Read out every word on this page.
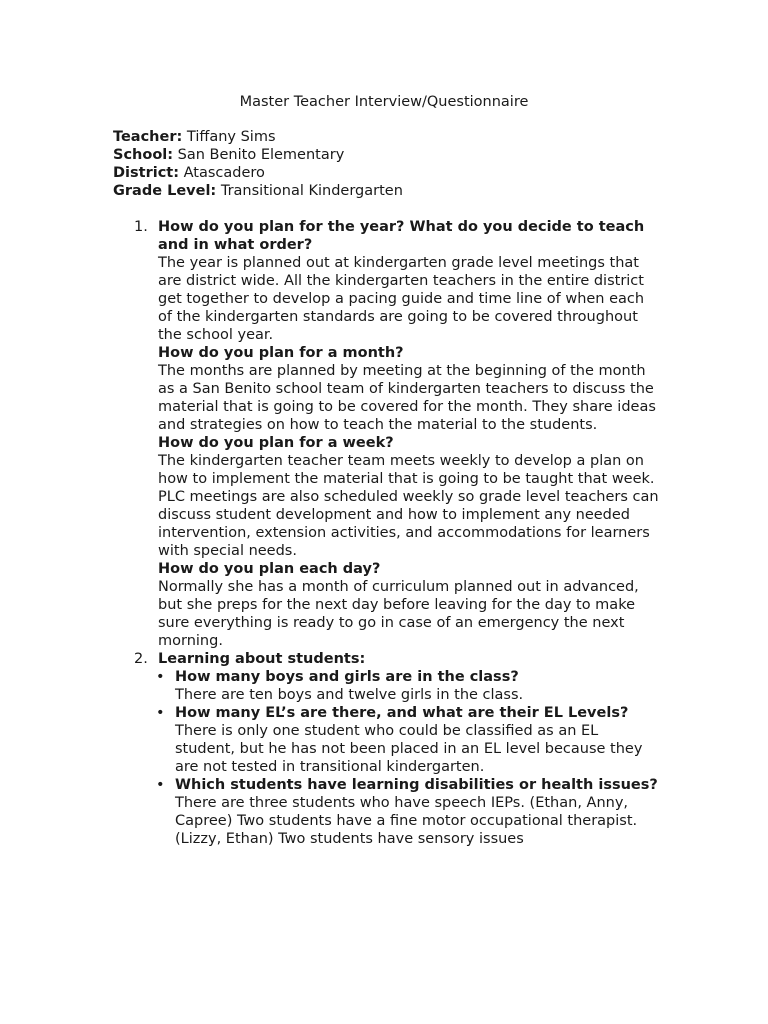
Master Teacher Interview/Questionnaire
Teacher: Tiffany Sims
School: San Benito Elementary
District: Atascadero
Grade Level: Transitional Kindergarten
1. How do you plan for the year? What do you decide to teach and in what order?
The year is planned out at kindergarten grade level meetings that are district wide. All the kindergarten teachers in the entire district get together to develop a pacing guide and time line of when each of the kindergarten standards are going to be covered throughout the school year.
How do you plan for a month?
The months are planned by meeting at the beginning of the month as a San Benito school team of kindergarten teachers to discuss the material that is going to be covered for the month. They share ideas and strategies on how to teach the material to the students.
How do you plan for a week?
The kindergarten teacher team meets weekly to develop a plan on how to implement the material that is going to be taught that week. PLC meetings are also scheduled weekly so grade level teachers can discuss student development and how to implement any needed intervention, extension activities, and accommodations for learners with special needs.
How do you plan each day?
Normally she has a month of curriculum planned out in advanced, but she preps for the next day before leaving for the day to make sure everything is ready to go in case of an emergency the next morning.
2. Learning about students:
• How many boys and girls are in the class?
There are ten boys and twelve girls in the class.
• How many EL’s are there, and what are their EL Levels?
There is only one student who could be classified as an EL student, but he has not been placed in an EL level because they are not tested in transitional kindergarten.
• Which students have learning disabilities or health issues?
There are three students who have speech IEPs. (Ethan, Anny, Capree) Two students have a fine motor occupational therapist. (Lizzy, Ethan) Two students have sensory issues
